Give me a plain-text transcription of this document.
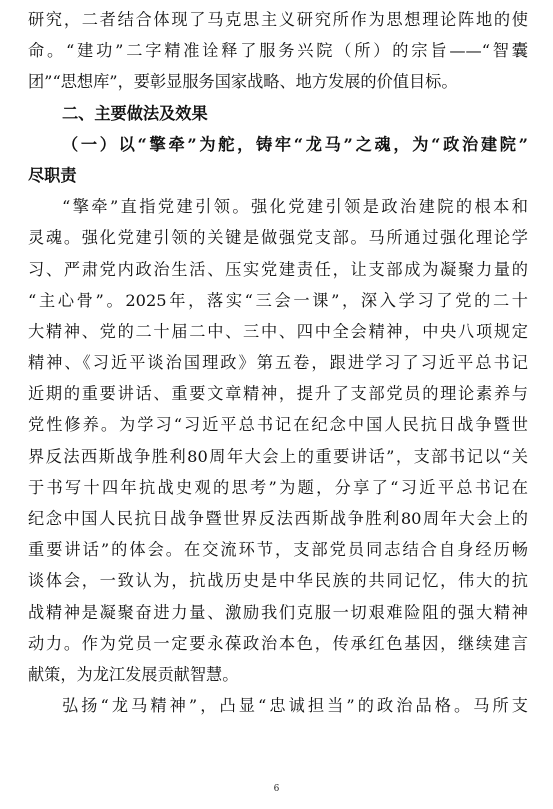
研究，二者结合体现了马克思主义研究所作为思想理论阵地的使
命。“建功”二字精准诠释了服务兴院（所）的宗旨——“智囊
团”“思想库”，要彰显服务国家战略、地方发展的价值目标。
二、主要做法及效果
（一）以“擎牵”为舵，铸牢“龙马”之魂，为“政治建院”
尽职责
“擎牵”直指党建引领。强化党建引领是政治建院的根本和
灵魂。强化党建引领的关键是做强党支部。马所通过强化理论学
习、严肃党内政治生活、压实党建责任，让支部成为凝聚力量的
“主心骨”。2025年，落实“三会一课”，深入学习了党的二十
大精神、党的二十届二中、三中、四中全会精神，中央八项规定
精神、《习近平谈治国理政》第五卷，跟进学习了习近平总书记
近期的重要讲话、重要文章精神，提升了支部党员的理论素养与
党性修养。为学习“习近平总书记在纪念中国人民抗日战争暨世
界反法西斯战争胜利80周年大会上的重要讲话”，支部书记以“关
于书写十四年抗战史观的思考”为题，分享了“习近平总书记在
纪念中国人民抗日战争暨世界反法西斯战争胜利80周年大会上的
重要讲话”的体会。在交流环节，支部党员同志结合自身经历畅
谈体会，一致认为，抗战历史是中华民族的共同记忆，伟大的抗
战精神是凝聚奋进力量、激励我们克服一切艰难险阻的强大精神
动力。作为党员一定要永葆政治本色，传承红色基因，继续建言
献策，为龙江发展贡献智慧。
弘扬“龙马精神”，凸显“忠诚担当”的政治品格。马所支
6
